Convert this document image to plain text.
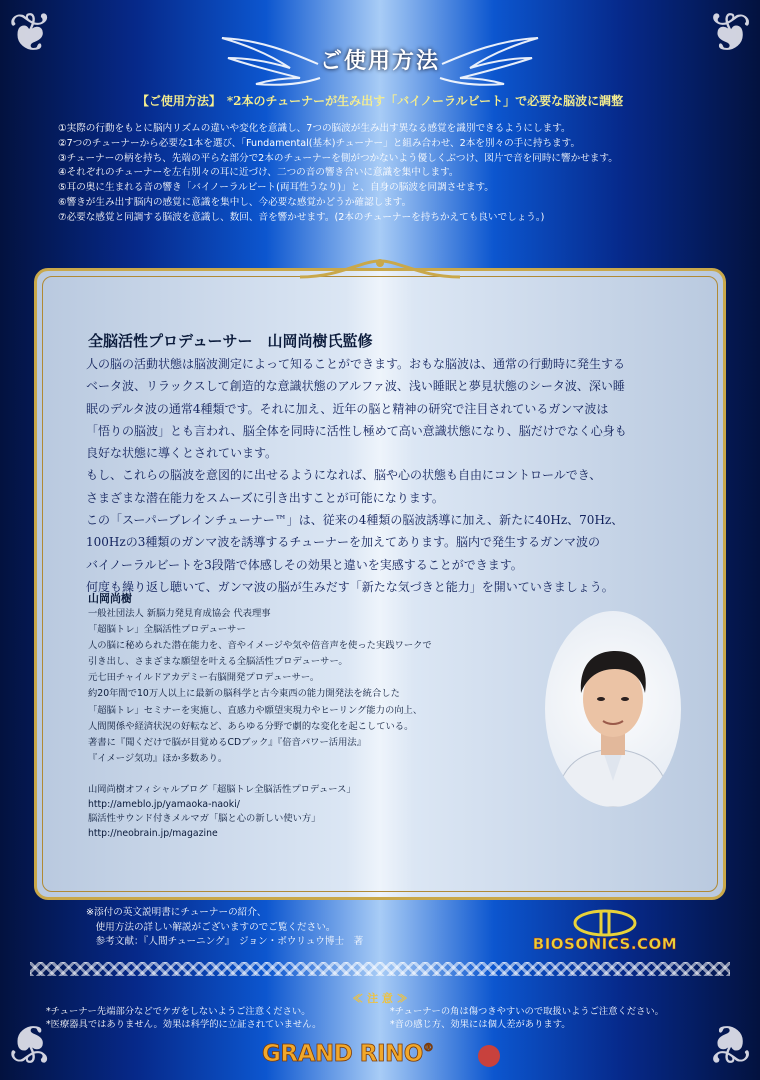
❦	❦
❦	❦
ご使用方法
【ご使用方法】　*2本のチューナーが生み出す「バイノーラルビート」で必要な脳波に調整
①実際の行動をもとに脳内リズムの違いや変化を意識し、7つの脳波が生み出す異なる感覚を識別できるようにします。
②7つのチューナーから必要な1本を選び、「Fundamental(基本)チューナー」と組み合わせ、2本を別々の手に持ちます。
③チューナーの柄を持ち、先端の平らな部分で2本のチューナーを側がつかないよう優しくぶつけ、図片で音を同時に響かせます。
④それぞれのチューナーを左右別々の耳に近づけ、二つの音の響き合いに意識を集中します。
⑤耳の奥に生まれる音の響き「バイノーラルビート(両耳性うなり)」と、自身の脳波を同調させます。
⑥響きが生み出す脳内の感覚に意識を集中し、今必要な感覚かどうか確認します。
⑦必要な感覚と同調する脳波を意識し、数回、音を響かせます。(2本のチューナーを持ちかえても良いでしょう。)
全脳活性プロデューサー　山岡尚樹氏監修
人の脳の活動状態は脳波測定によって知ることができます。おもな脳波は、通常の行動時に発生する
ベータ波、リラックスして創造的な意識状態のアルファ波、浅い睡眠と夢見状態のシータ波、深い睡
眠のデルタ波の通常4種類です。それに加え、近年の脳と精神の研究で注目されているガンマ波は
「悟りの脳波」とも言われ、脳全体を同時に活性し極めて高い意識状態になり、脳だけでなく心身も
良好な状態に導くとされています。
もし、これらの脳波を意図的に出せるようになれば、脳や心の状態も自由にコントロールでき、
さまざまな潜在能力をスムーズに引き出すことが可能になります。
この「スーパーブレインチューナー™」は、従来の4種類の脳波誘導に加え、新たに40Hz、70Hz、
100Hzの3種類のガンマ波を誘導するチューナーを加えてあります。脳内で発生するガンマ波の
バイノーラルビートを3段階で体感しその効果と違いを実感することができます。
何度も繰り返し聴いて、ガンマ波の脳が生みだす「新たな気づきと能力」を開いていきましょう。
山岡尚樹
一般社団法人 新脳力発見育成協会 代表理事
「超脳トレ」全脳活性プロデューサー
人の脳に秘められた潜在能力を、音やイメージや気や倍音声を使った実践ワークで
引き出し、さまざまな願望を叶える全脳活性プロデューサー。
元七田チャイルドアカデミー右脳開発プロデューサー。
約20年間で10万人以上に最新の脳科学と古今東西の能力開発法を統合した
「超脳トレ」セミナーを実施し、直感力や願望実現力やヒーリング能力の向上、
人間関係や経済状況の好転など、あらゆる分野で劇的な変化を起こしている。
著書に『聞くだけで脳が目覚めるCDブック』『倍音パワー活用法』
『イメージ気功』ほか多数あり。
山岡尚樹オフィシャルブログ「超脳トレ全脳活性プロデュース」
http://ameblo.jp/yamaoka-naoki/
脳活性サウンド付きメルマガ「脳と心の新しい使い方」
http://neobrain.jp/magazine
※添付の英文説明書にチューナーの紹介、
　使用方法の詳しい解説がございますのでご覧ください。
　参考文献：『人間チューニング』　ジョン・ボウリュウ博士　著	BIOSONICS.COM
≪ 注 意 ≫
*チューナー先端部分などでケガをしないようご注意ください。
*医療器具ではありません。効果は科学的に立証されていません。
*チューナーの角は傷つきやすいので取扱いようご注意ください。
*音の感じ方、効果には個人差があります。
GRAND RINO®
